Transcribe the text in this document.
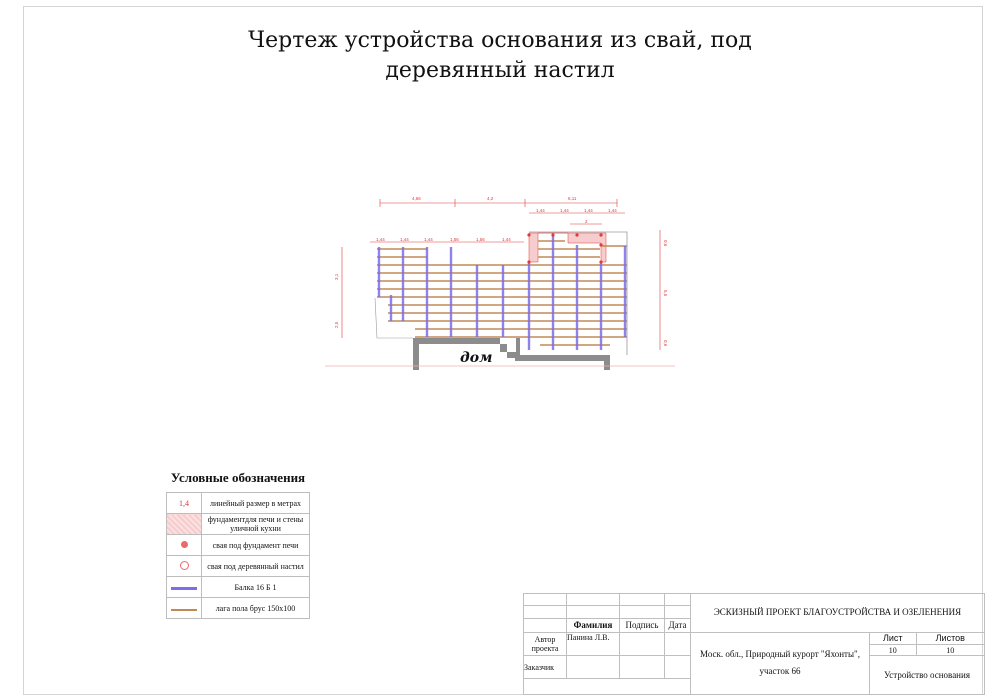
Чертеж устройства основания из свай, под
деревянный настил
4,66	4,2	6,11
1,44	1,44	1,44	1,44
2
1,44	1,44	1,44	1,56	1,56	1,44
3,1
2,5
0,6
5,5
0,6
дом
Условные обозначения
1,4	линейный размер в метрах
	фундаментдля печи и стены уличной кухни
	свая под фундамент печи
	свая под деревянный настил
	Балка 16 Б 1
	лага пола брус 150х100
					ЭСКИЗНЫЙ ПРОЕКТ БЛАГОУСТРОЙСТВА И ОЗЕЛЕНЕНИЯ		

	Фамилия	Подпись	Дата			
Автор проекта	Панина Л.В.			Моск. обл., Природный курорт "Яхонты", участок 66	Лист	Листов
					10	10
Заказчик					Устройство основания	
